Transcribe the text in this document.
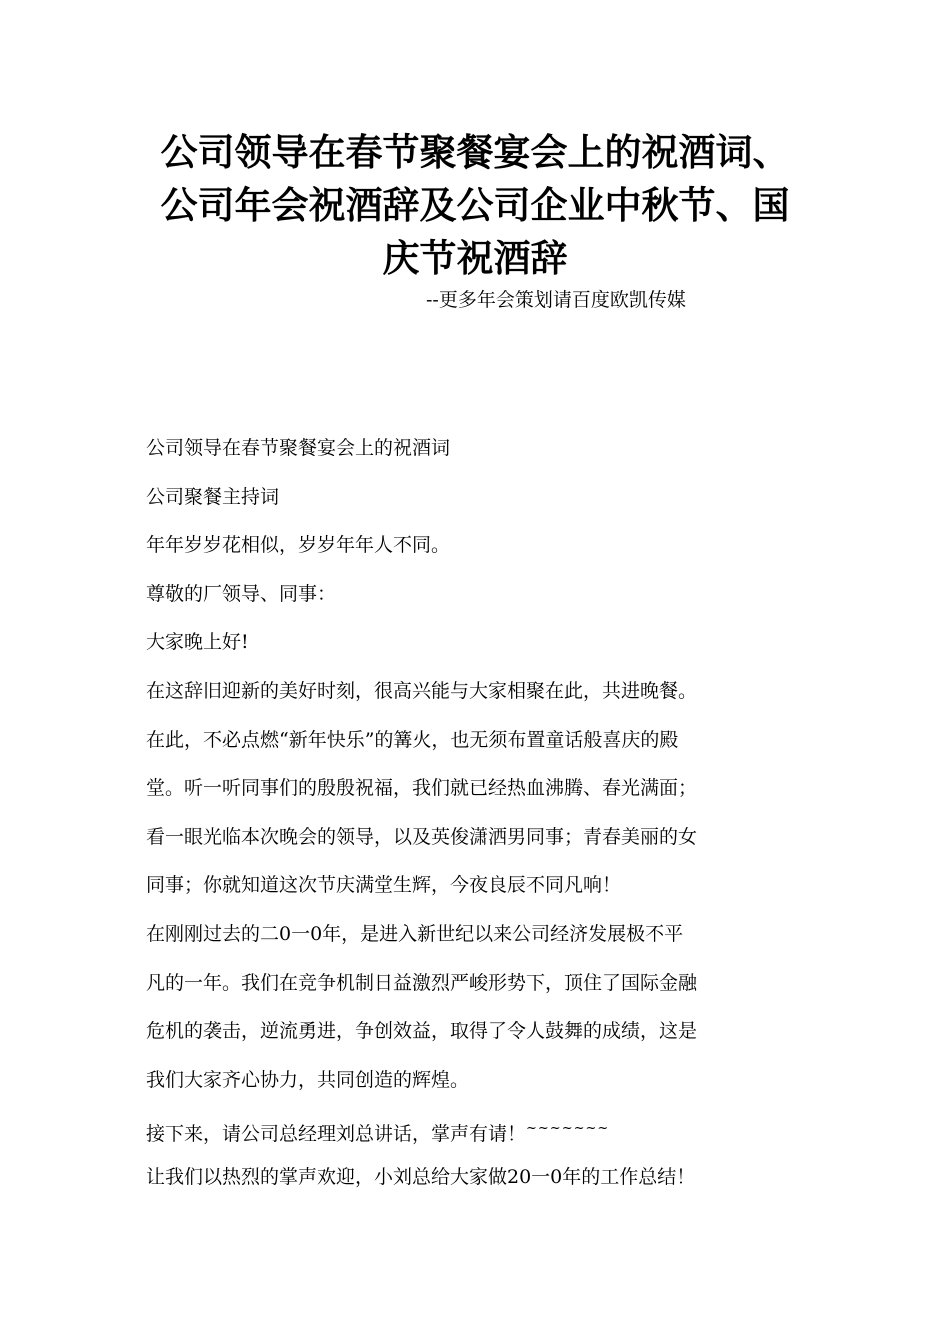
公司领导在春节聚餐宴会上的祝酒词、
公司年会祝酒辞及公司企业中秋节、国
庆节祝酒辞
--更多年会策划请百度欧凯传媒
公司领导在春节聚餐宴会上的祝酒词
公司聚餐主持词
年年岁岁花相似，岁岁年年人不同。
尊敬的厂领导、同事：
大家晚上好!
在这辞旧迎新的美好时刻，很高兴能与大家相聚在此，共进晚餐。
在此，不必点燃“新年快乐”的篝火，也无须布置童话般喜庆的殿
堂。听一听同事们的殷殷祝福，我们就已经热血沸腾、春光满面；
看一眼光临本次晚会的领导，以及英俊潇洒男同事；青春美丽的女
同事；你就知道这次节庆满堂生辉，今夜良辰不同凡响！
在刚刚过去的二0一0年，是进入新世纪以来公司经济发展极不平
凡的一年。我们在竞争机制日益激烈严峻形势下，顶住了国际金融
危机的袭击，逆流勇进，争创效益，取得了令人鼓舞的成绩，这是
我们大家齐心协力，共同创造的辉煌。
接下来，请公司总经理刘总讲话，掌声有请！~~~~~~~
让我们以热烈的掌声欢迎，小刘总给大家做20一0年的工作总结！
